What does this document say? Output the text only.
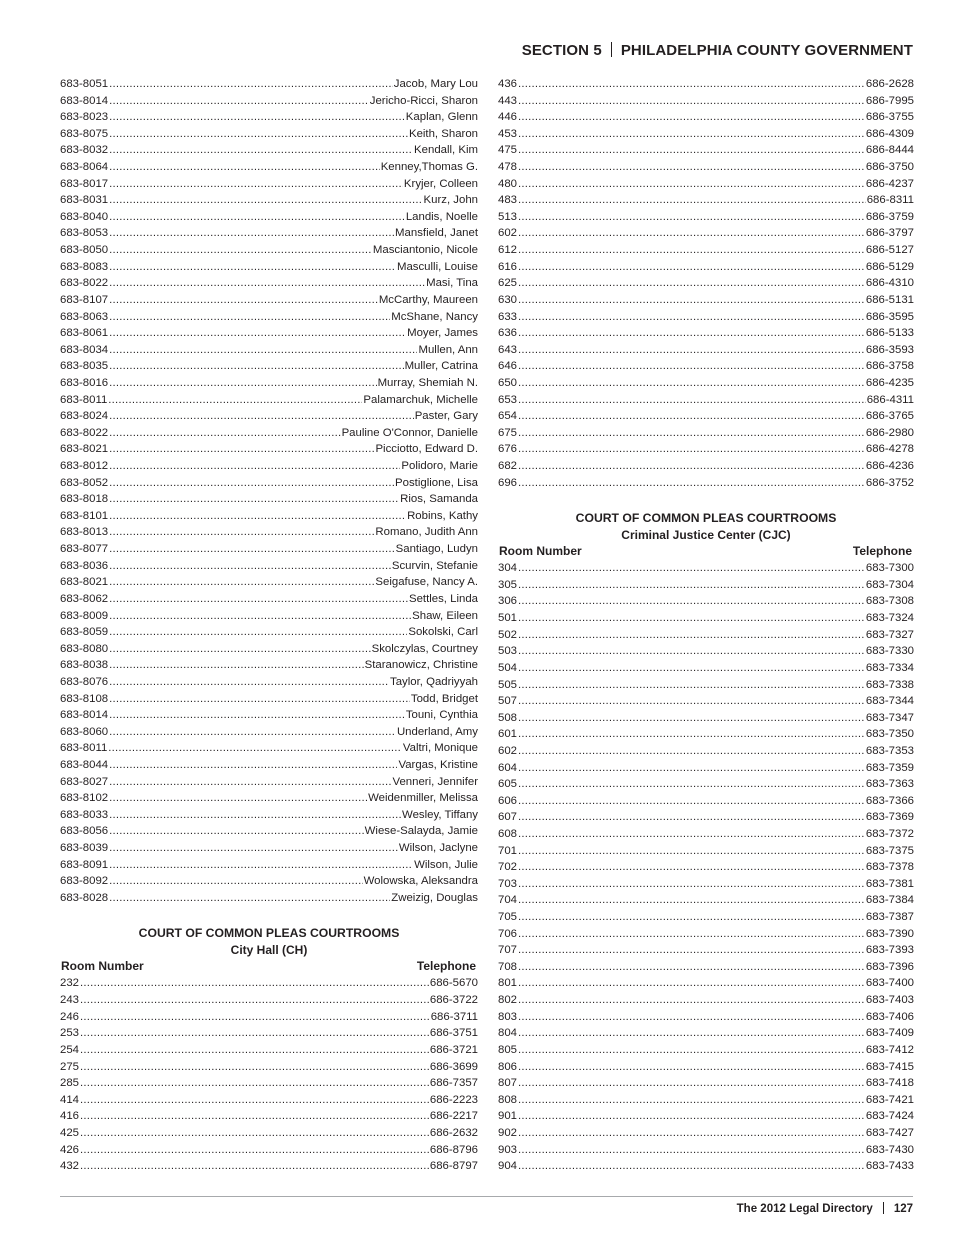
SECTION 5 PHILADELPHIA COUNTY GOVERNMENT
683-8051 .....	Jacob, Mary Lou
683-8014 .....	Jericho-Ricci, Sharon
683-8023 .....	Kaplan, Glenn
683-8075 .....	Keith, Sharon
683-8032 .....	Kendall, Kim
683-8064 .....	Kenney,Thomas G.
683-8017 .....	Kryjer, Colleen
683-8031 .....	Kurz, John
683-8040 .....	Landis, Noelle
683-8053 .....	Mansfield, Janet
683-8050 .....	Masciantonio, Nicole
683-8083 .....	Masculli, Louise
683-8022 .....	Masi, Tina
683-8107 .....	McCarthy, Maureen
683-8063 .....	McShane, Nancy
683-8061 .....	Moyer, James
683-8034 .....	Mullen, Ann
683-8035 .....	Muller, Catrina
683-8016 .....	Murray, Shemiah N.
683-8011 .....	Palamarchuk, Michelle
683-8024 .....	Paster, Gary
683-8022 .....	Pauline O'Connor, Danielle
683-8021 .....	Picciotto, Edward D.
683-8012 .....	Polidoro, Marie
683-8052 .....	Postiglione, Lisa
683-8018 .....	Rios, Samanda
683-8101 .....	Robins, Kathy
683-8013 .....	Romano, Judith Ann
683-8077 .....	Santiago, Ludyn
683-8036 .....	Scurvin, Stefanie
683-8021 .....	Seigafuse, Nancy A.
683-8062 .....	Settles, Linda
683-8009 .....	Shaw, Eileen
683-8059 .....	Sokolski, Carl
683-8080 .....	Skolczylas, Courtney
683-8038 .....	Staranowicz, Christine
683-8076 .....	Taylor, Qadriyyah
683-8108 .....	Todd, Bridget
683-8014 .....	Touni, Cynthia
683-8060 .....	Underland, Amy
683-8011 .....	Valtri, Monique
683-8044 .....	Vargas, Kristine
683-8027 .....	Venneri, Jennifer
683-8102 .....	Weidenmiller, Melissa
683-8033 .....	Wesley, Tiffany
683-8056 .....	Wiese-Salayda, Jamie
683-8039 .....	Wilson, Jaclyne
683-8091 .....	Wilson, Julie
683-8092 .....	Wolowska, Aleksandra
683-8028 .....	Zweizig, Douglas
COURT OF COMMON PLEAS COURTROOMS
City Hall (CH)
Room Number	Telephone
232 .....	686-5670
243 .....	686-3722
246 .....	686-3711
253 .....	686-3751
254 .....	686-3721
275 .....	686-3699
285 .....	686-7357
414 .....	686-2223
416 .....	686-2217
425 .....	686-2632
426 .....	686-8796
432 .....	686-8797
436 .....	686-2628
443 .....	686-7995
446 .....	686-3755
453 .....	686-4309
475 .....	686-8444
478 .....	686-3750
480 .....	686-4237
483 .....	686-8311
513 .....	686-3759
602 .....	686-3797
612 .....	686-5127
616 .....	686-5129
625 .....	686-4310
630 .....	686-5131
633 .....	686-3595
636 .....	686-5133
643 .....	686-3593
646 .....	686-3758
650 .....	686-4235
653 .....	686-4311
654 .....	686-3765
675 .....	686-2980
676 .....	686-4278
682 .....	686-4236
696 .....	686-3752
COURT OF COMMON PLEAS COURTROOMS
Criminal Justice Center (CJC)
Room Number	Telephone
304 .....	683-7300
305 .....	683-7304
306 .....	683-7308
501 .....	683-7324
502 .....	683-7327
503 .....	683-7330
504 .....	683-7334
505 .....	683-7338
507 .....	683-7344
508 .....	683-7347
601 .....	683-7350
602 .....	683-7353
604 .....	683-7359
605 .....	683-7363
606 .....	683-7366
607 .....	683-7369
608 .....	683-7372
701 .....	683-7375
702 .....	683-7378
703 .....	683-7381
704 .....	683-7384
705 .....	683-7387
706 .....	683-7390
707 .....	683-7393
708 .....	683-7396
801 .....	683-7400
802 .....	683-7403
803 .....	683-7406
804 .....	683-7409
805 .....	683-7412
806 .....	683-7415
807 .....	683-7418
808 .....	683-7421
901 .....	683-7424
902 .....	683-7427
903 .....	683-7430
904 .....	683-7433
The 2012 Legal Directory 127
